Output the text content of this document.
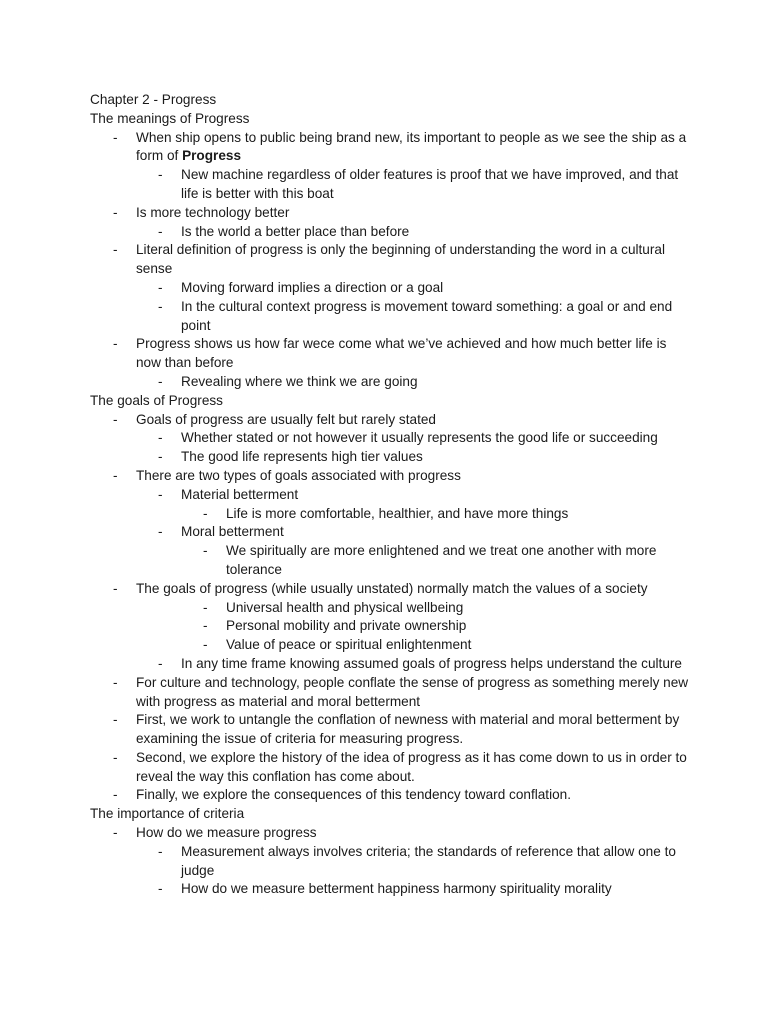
Chapter 2 - Progress
The meanings of Progress
- When ship opens to public being brand new, its important to people as we see the ship as a form of Progress
- New machine regardless of older features is proof that we have improved, and that life is better with this boat
- Is more technology better
- Is the world a better place than before
- Literal definition of progress is only the beginning of understanding the word in a cultural sense
- Moving forward implies a direction or a goal
- In the cultural context progress is movement toward something: a goal or and end point
- Progress shows us how far wece come what we’ve achieved and how much better life is now than before
- Revealing where we think we are going
The goals of Progress
- Goals of progress are usually felt but rarely stated
- Whether stated or not however it usually represents the good life or succeeding
- The good life represents high tier values
- There are two types of goals associated with progress
- Material betterment
- Life is more comfortable, healthier, and have more things
- Moral betterment
- We spiritually are more enlightened and we treat one another with more tolerance
- The goals of progress (while usually unstated) normally match the values of a society
- Universal health and physical wellbeing
- Personal mobility and private ownership
- Value of peace or spiritual enlightenment
- In any time frame knowing assumed goals of progress helps understand the culture
- For culture and technology, people conflate the sense of progress as something merely new with progress as material and moral betterment
- First, we work to untangle the conflation of newness with material and moral betterment by examining the issue of criteria for measuring progress.
- Second, we explore the history of the idea of progress as it has come down to us in order to reveal the way this conflation has come about.
- Finally, we explore the consequences of this tendency toward conflation.
The importance of criteria
- How do we measure progress
- Measurement always involves criteria; the standards of reference that allow one to judge
- How do we measure betterment happiness harmony spirituality morality
